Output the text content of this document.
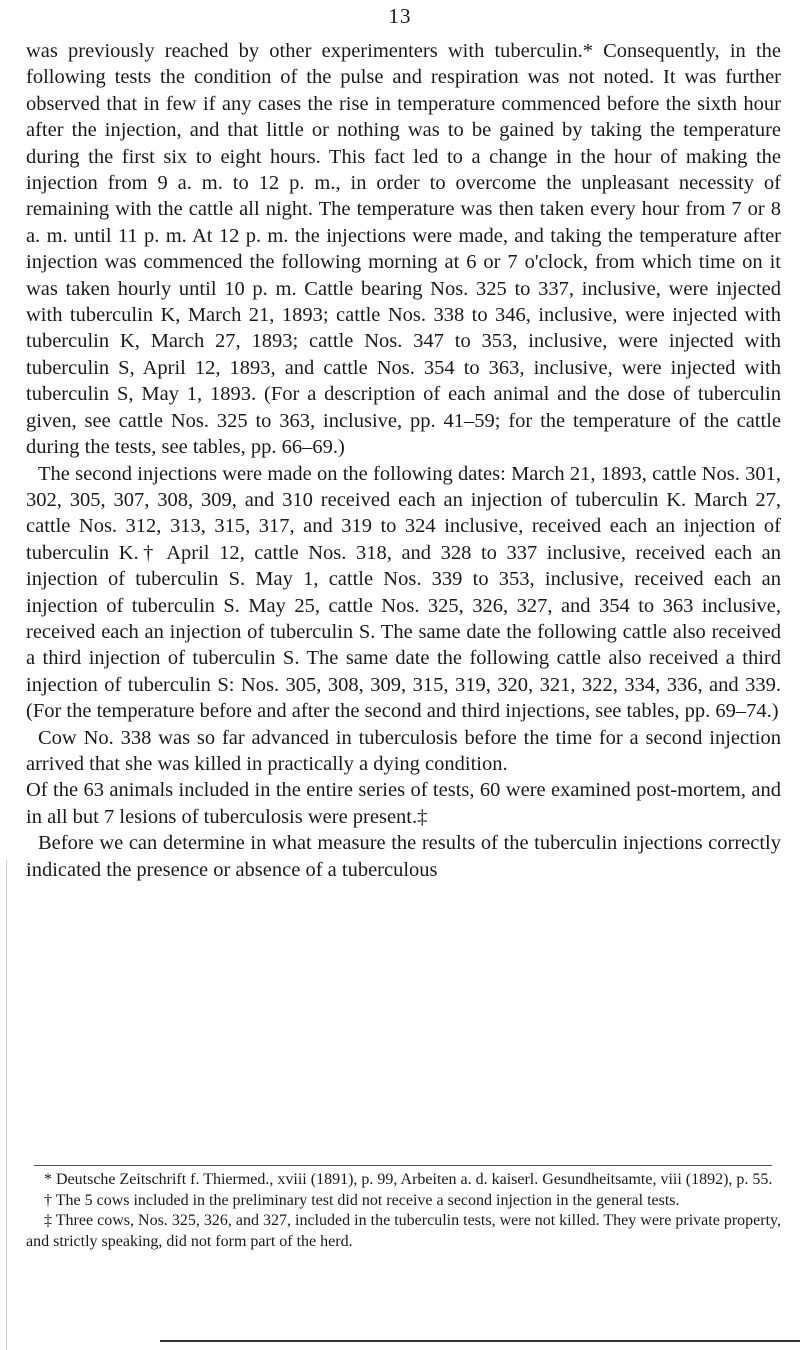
13

was previously reached by other experimenters with tuberculin.* Consequently, in the following tests the condition of the pulse and respiration was not noted. It was further observed that in few if any cases the rise in temperature commenced before the sixth hour after the injection, and that little or nothing was to be gained by taking the temperature during the first six to eight hours. This fact led to a change in the hour of making the injection from 9 a. m. to 12 p. m., in order to overcome the unpleasant necessity of remaining with the cattle all night. The temperature was then taken every hour from 7 or 8 a. m. until 11 p. m. At 12 p. m. the injections were made, and taking the temperature after injection was commenced the following morning at 6 or 7 o'clock, from which time on it was taken hourly until 10 p. m. Cattle bearing Nos. 325 to 337, inclusive, were injected with tuberculin K, March 21, 1893; cattle Nos. 338 to 346, inclusive, were injected with tuberculin K, March 27, 1893; cattle Nos. 347 to 353, inclusive, were injected with tuberculin S, April 12, 1893, and cattle Nos. 354 to 363, inclusive, were injected with tuberculin S, May 1, 1893. (For a description of each animal and the dose of tuberculin given, see cattle Nos. 325 to 363, inclusive, pp. 41–59; for the temperature of the cattle during the tests, see tables, pp. 66–69.)

The second injections were made on the following dates: March 21, 1893, cattle Nos. 301, 302, 305, 307, 308, 309, and 310 received each an injection of tuberculin K. March 27, cattle Nos. 312, 313, 315, 317, and 319 to 324 inclusive, received each an injection of tuberculin K.† April 12, cattle Nos. 318, and 328 to 337 inclusive, received each an injection of tuberculin S. May 1, cattle Nos. 339 to 353, inclusive, received each an injection of tuberculin S. May 25, cattle Nos. 325, 326, 327, and 354 to 363 inclusive, received each an injection of tuberculin S. The same date the following cattle also received a third injection of tuberculin S. The same date the following cattle also received a third injection of tuberculin S: Nos. 305, 308, 309, 315, 319, 320, 321, 322, 334, 336, and 339. (For the temperature before and after the second and third injections, see tables, pp. 69–74.)

Cow No. 338 was so far advanced in tuberculosis before the time for a second injection arrived that she was killed in practically a dying condition.

Of the 63 animals included in the entire series of tests, 60 were examined post-mortem, and in all but 7 lesions of tuberculosis were present.‡

Before we can determine in what measure the results of the tuberculin injections correctly indicated the presence or absence of a tuberculous

* Deutsche Zeitschrift f. Thiermed., xviii (1891), p. 99, Arbeiten a. d. kaiserl. Gesundheitsamte, viii (1892), p. 55.

† The 5 cows included in the preliminary test did not receive a second injection in the general tests.

‡ Three cows, Nos. 325, 326, and 327, included in the tuberculin tests, were not killed. They were private property, and strictly speaking, did not form part of the herd.
